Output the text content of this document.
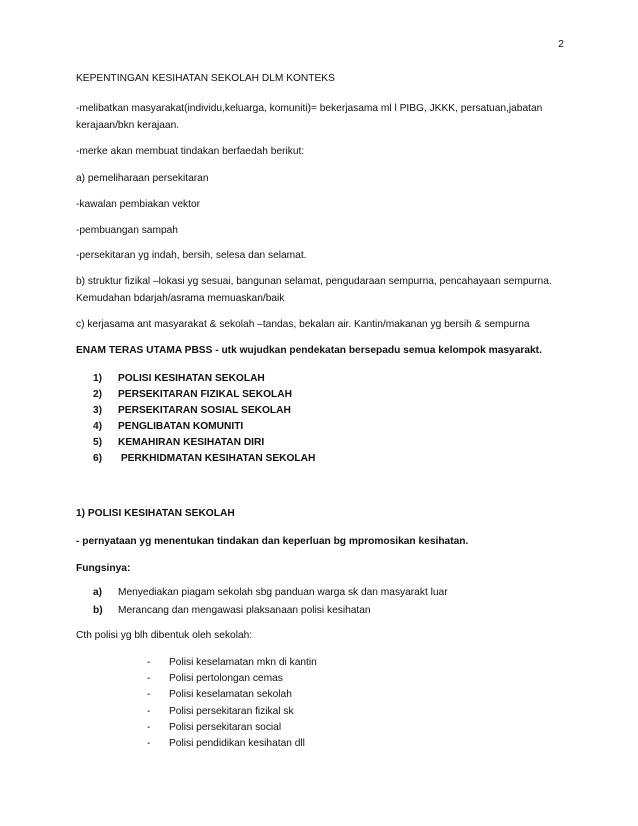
2
KEPENTINGAN KESIHATAN SEKOLAH DLM KONTEKS
-melibatkan masyarakat(individu,keluarga, komuniti)= bekerjasama ml l PIBG, JKKK, persatuan,jabatan kerajaan/bkn kerajaan.
-merke akan membuat tindakan berfaedah berikut:
a) pemeliharaan persekitaran
-kawalan pembiakan vektor
-pembuangan sampah
-persekitaran yg indah, bersih, selesa dan selamat.
b) struktur fizikal –lokasi yg sesuai, bangunan selamat, pengudaraan sempurna, pencahayaan sempurna. Kemudahan bdarjah/asrama memuaskan/baik
c) kerjasama ant masyarakat & sekolah –tandas, bekalan air. Kantin/makanan yg bersih & sempurna
ENAM TERAS UTAMA PBSS - utk wujudkan pendekatan bersepadu semua kelompok masyarakt.
1) POLISI KESIHATAN SEKOLAH
2) PERSEKITARAN FIZIKAL SEKOLAH
3) PERSEKITARAN SOSIAL SEKOLAH
4) PENGLIBATAN KOMUNITI
5) KEMAHIRAN KESIHATAN DIRI
6) PERKHIDMATAN KESIHATAN SEKOLAH
1) POLISI KESIHATAN SEKOLAH
- pernyataan yg menentukan tindakan dan keperluan bg mpromosikan kesihatan.
Fungsinya:
a) Menyediakan piagam sekolah sbg panduan warga sk dan masyarakt luar
b) Merancang dan mengawasi plaksanaan polisi kesihatan
Cth polisi yg blh dibentuk oleh sekolah:
- Polisi keselamatan mkn di kantin
- Polisi pertolongan cemas
- Polisi keselamatan sekolah
- Polisi persekitaran fizikal sk
- Polisi persekitaran social
- Polisi pendidikan kesihatan dll
